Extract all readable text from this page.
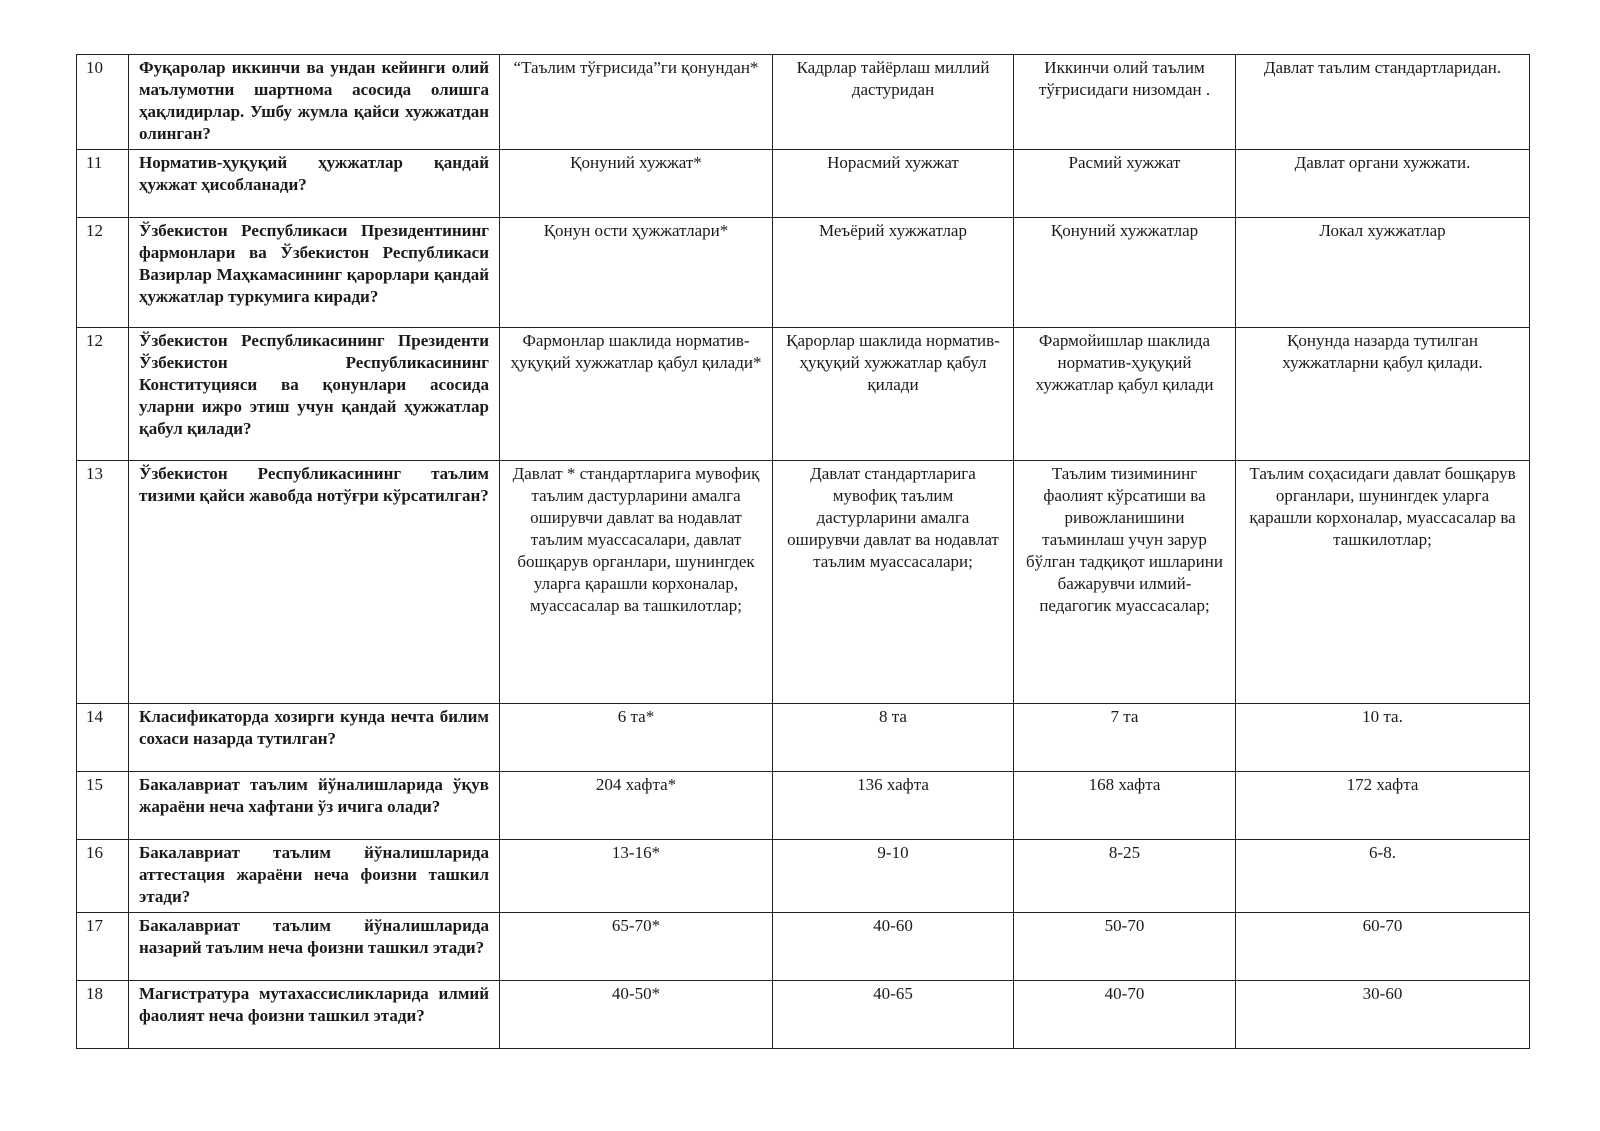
10	Фуқаролар иккинчи ва ундан кейинги олий маълумотни шартнома асосида олишга ҳақлидирлар. Ушбу жумла қайси хужжатдан олинган?	“Таълим тўғрисида”ги қонундан*	Кадрлар тайёрлаш миллий дастуридан	Иккинчи олий таълим тўғрисидаги низомдан .	Давлат таълим стандартларидан.
11	Норматив-ҳуқуқий ҳужжатлар қандай ҳужжат ҳисобланади?	Қонуний хужжат*	Норасмий хужжат	Расмий хужжат	Давлат органи хужжати.
12	Ўзбекистон Республикаси Президентининг фармонлари ва Ўзбекистон Республикаси Вазирлар Маҳкамасининг қарорлари қандай ҳужжатлар туркумига киради?	Қонун ости ҳужжатлари*	Меъёрий хужжатлар	Қонуний хужжатлар	Локал хужжатлар
12	Ўзбекистон Республикасининг Президенти Ўзбекистон Республикасининг Конституцияси ва қонунлари асосида уларни ижро этиш учун қандай ҳужжатлар қабул қилади?	Фармонлар шаклида норматив-ҳуқуқий хужжатлар қабул қилади*	Қарорлар шаклида норматив-ҳуқуқий хужжатлар қабул қилади	Фармойишлар шаклида норматив-ҳуқуқий хужжатлар қабул қилади	Қонунда назарда тутилган хужжатларни қабул қилади.
13	Ўзбекистон Республикасининг таълим тизими қайси жавобда нотўғри кўрсатилган?	Давлат * стандартларига мувофиқ таълим дастурларини амалга оширувчи давлат ва нодавлат таълим муассасалари, давлат бошқарув органлари, шунингдек уларга қарашли корхоналар, муассасалар ва ташкилотлар;	Давлат стандартларига мувофиқ таълим дастурларини амалга оширувчи давлат ва нодавлат таълим муассасалари;	Таълим тизимининг фаолият кўрсатиши ва ривожланишини таъминлаш учун зарур бўлган тадқиқот ишларини бажарувчи илмий-педагогик муассасалар;	Таълим соҳасидаги давлат бошқарув органлари, шунингдек уларга қарашли корхоналар, муассасалар ва ташкилотлар;
14	Класификаторда хозирги кунда нечта билим сохаси назарда тутилган?	6 та*	8 та	7 та	10 та.
15	Бакалавриат таълим йўналишларида ўқув жараёни неча хафтани ўз ичига олади?	204 хафта*	136 хафта	168 хафта	172 хафта
16	Бакалавриат таълим йўналишларида аттестация жараёни неча фоизни ташкил этади?	13-16*	9-10	8-25	6-8.
17	Бакалавриат таълим йўналишларида назарий таълим неча фоизни ташкил этади?	65-70*	40-60	50-70	60-70
18	Магистратура мутахассисликларида илмий фаолият неча фоизни ташкил этади?	40-50*	40-65	40-70	30-60
